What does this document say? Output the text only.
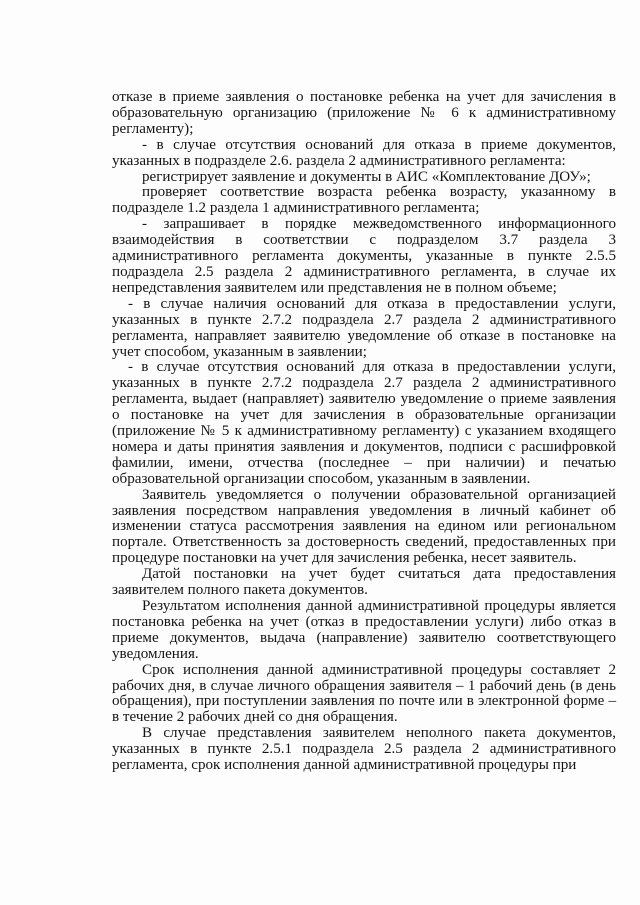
отказе в приеме заявления о постановке ребенка на учет для зачисления в образовательную организацию (приложение № 6 к административному регламенту);

- в случае отсутствия оснований для отказа в приеме документов, указанных в подразделе 2.6. раздела 2 административного регламента:

регистрирует заявление и документы в АИС «Комплектование ДОУ»;

проверяет соответствие возраста ребенка возрасту, указанному в подразделе 1.2 раздела 1 административного регламента;

- запрашивает в порядке межведомственного информационного взаимодействия в соответствии с подразделом 3.7 раздела 3 административного регламента документы, указанные в пункте 2.5.5 подраздела 2.5 раздела 2 административного регламента, в случае их непредставления заявителем или представления не в полном объеме;

- в случае наличия оснований для отказа в предоставлении услуги, указанных в пункте 2.7.2 подраздела 2.7 раздела 2 административного регламента, направляет заявителю уведомление об отказе в постановке на учет способом, указанным в заявлении;

- в случае отсутствия оснований для отказа в предоставлении услуги, указанных в пункте 2.7.2 подраздела 2.7 раздела 2 административного регламента, выдает (направляет) заявителю уведомление о приеме заявления о постановке на учет для зачисления в образовательные организации (приложение № 5 к административному регламенту) с указанием входящего номера и даты принятия заявления и документов, подписи с расшифровкой фамилии, имени, отчества (последнее – при наличии) и печатью образовательной организации способом, указанным в заявлении.

Заявитель уведомляется о получении образовательной организацией заявления посредством направления уведомления в личный кабинет об изменении статуса рассмотрения заявления на едином или региональном портале. Ответственность за достоверность сведений, предоставленных при процедуре постановки на учет для зачисления ребенка, несет заявитель.

Датой постановки на учет будет считаться дата предоставления заявителем полного пакета документов.

Результатом исполнения данной административной процедуры является постановка ребенка на учет (отказ в предоставлении услуги) либо отказ в приеме документов, выдача (направление) заявителю соответствующего уведомления.

Срок исполнения данной административной процедуры составляет 2 рабочих дня, в случае личного обращения заявителя – 1 рабочий день (в день обращения), при поступлении заявления по почте или в электронной форме – в течение 2 рабочих дней со дня обращения.

В случае представления заявителем неполного пакета документов, указанных в пункте 2.5.1 подраздела 2.5 раздела 2 административного регламента, срок исполнения данной административной процедуры при
